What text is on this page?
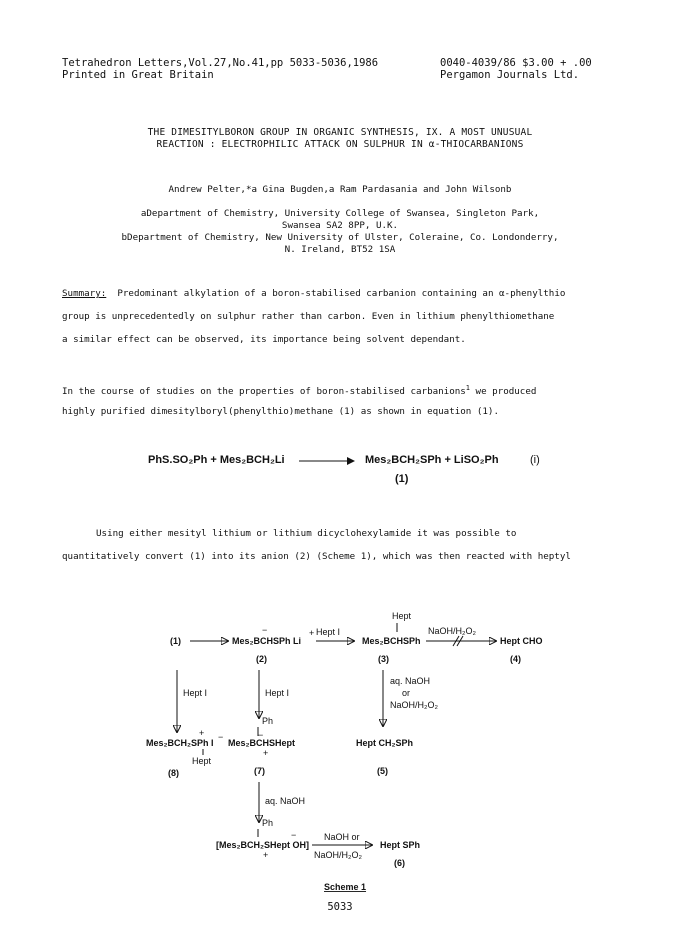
Tetrahedron Letters,Vol.27,No.41,pp 5033-5036,1986
Printed in Great Britain
0040-4039/86 $3.00 + .00
Pergamon Journals Ltd.
THE DIMESITYLBORON GROUP IN ORGANIC SYNTHESIS, IX. A MOST UNUSUAL
REACTION : ELECTROPHILIC ATTACK ON SULPHUR IN α-THIOCARBANIONS
Andrew Pelter,*a Gina Bugden,a Ram Pardasania and John Wilsonb
aDepartment of Chemistry, University College of Swansea, Singleton Park,
Swansea SA2 8PP, U.K.
bDepartment of Chemistry, New University of Ulster, Coleraine, Co. Londonderry,
N. Ireland, BT52 1SA
Summary: Predominant alkylation of a boron-stabilised carbanion containing an α-phenylthio
group is unprecedentedly on sulphur rather than carbon. Even in lithium phenylthiomethane
a similar effect can be observed, its importance being solvent dependant.
In the course of studies on the properties of boron-stabilised carbanions$^1$ we produced
highly purified dimesitylboryl(phenylthio)methane (1) as shown in equation (1).
PhS.SO₂Ph + Mes₂BCH₂Li → Mes₂BCH₂SPh + LiSO₂Ph	(i)
(1)
Using either mesityl lithium or lithium dicyclohexylamide it was possible to
quantitatively convert (1) into its anion (2) (Scheme 1), which was then reacted with heptyl
(1)	Mes₂BCHSPh Li
+
−
(2)
Hept I
Hept
Mes₂BCHSPh
(3)
NaOH/H₂O₂
Hept CHO
(4)
Hept I	Hept I
aq. NaOH
or
NaOH/H₂O₂
Mes₂BCH₂SPh I
+ −
Hept
(8)
Ph
Mes₂BCHSHept
−
+
(7)
Hept CH₂SPh
(5)
aq. NaOH
Ph
[Mes₂BCH₂SHept OH]
−
+
NaOH or
NaOH/H₂O₂
Hept SPh
(6)
Scheme 1
5033
